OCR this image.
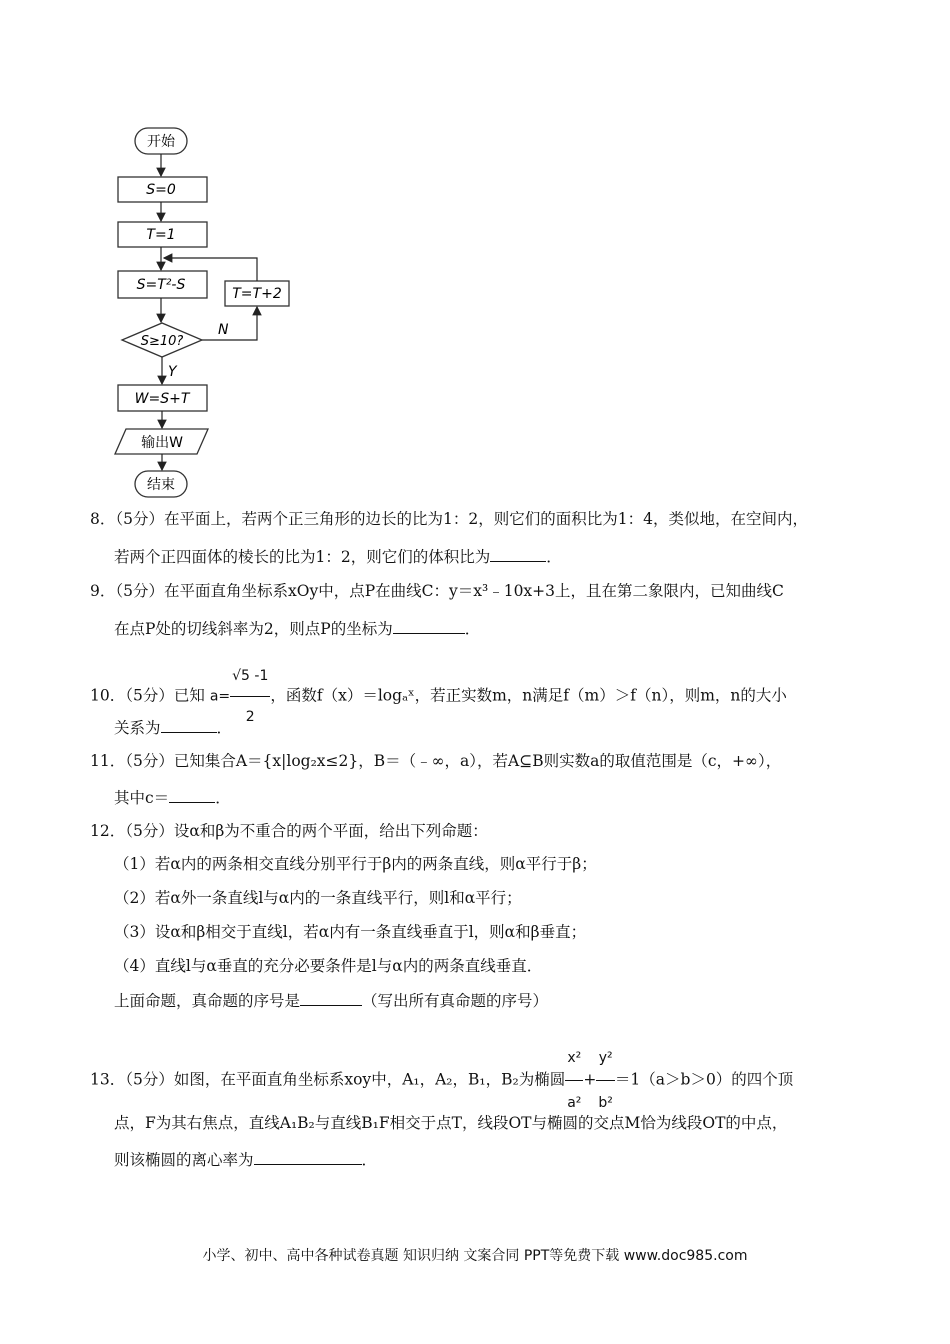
开始
S=0
T=1
S=T²-S
T=T+2
S≥10?
N
Y
W=S+T
输出W
结束
8．（5分）在平面上，若两个正三角形的边长的比为1：2，则它们的面积比为1：4，类似地，在空间内，
若两个正四面体的棱长的比为1：2，则它们的体积比为	．
9．（5分）在平面直角坐标系xOy中，点P在曲线C：y＝x³﹣10x+3上，且在第二象限内，已知曲线C
在点P处的切线斜率为2，则点P的坐标为	．
10．（5分）已知 $a= \frac{√5 -1}{2}$ ，函数f（x）＝logₐˣ，若正实数m，n满足f（m）＞f（n），则m，n的大小
关系为	．
11．（5分）已知集合A＝{x|log₂x≤2}，B＝（﹣∞，a），若A⊆B则实数a的取值范围是（c，+∞），
其中c＝	．
12．（5分）设α和β为不重合的两个平面，给出下列命题：
（1）若α内的两条相交直线分别平行于β内的两条直线，则α平行于β；
（2）若α外一条直线l与α内的一条直线平行，则l和α平行；
（3）设α和β相交于直线l，若α内有一条直线垂直于l，则α和β垂直；
（4）直线l与α垂直的充分必要条件是l与α内的两条直线垂直．
上面命题，真命题的序号是	（写出所有真命题的序号）
13．（5分）如图，在平面直角坐标系xoy中，A₁，A₂，B₁，B₂为椭圆 $\frac{\text{x²}}{\text{a²}} + \frac{\text{y²}}{\text{b²}} =1(a>b>0)$的四个顶
点，F为其右焦点，直线A₁B₂与直线B₁F相交于点T，线段OT与椭圆的交点M恰为线段OT的中点，
则该椭圆的离心率为	．
小学、初中、高中各种试卷真题 知识归纳 文案合同 PPT等免费下载 www.doc985.com
